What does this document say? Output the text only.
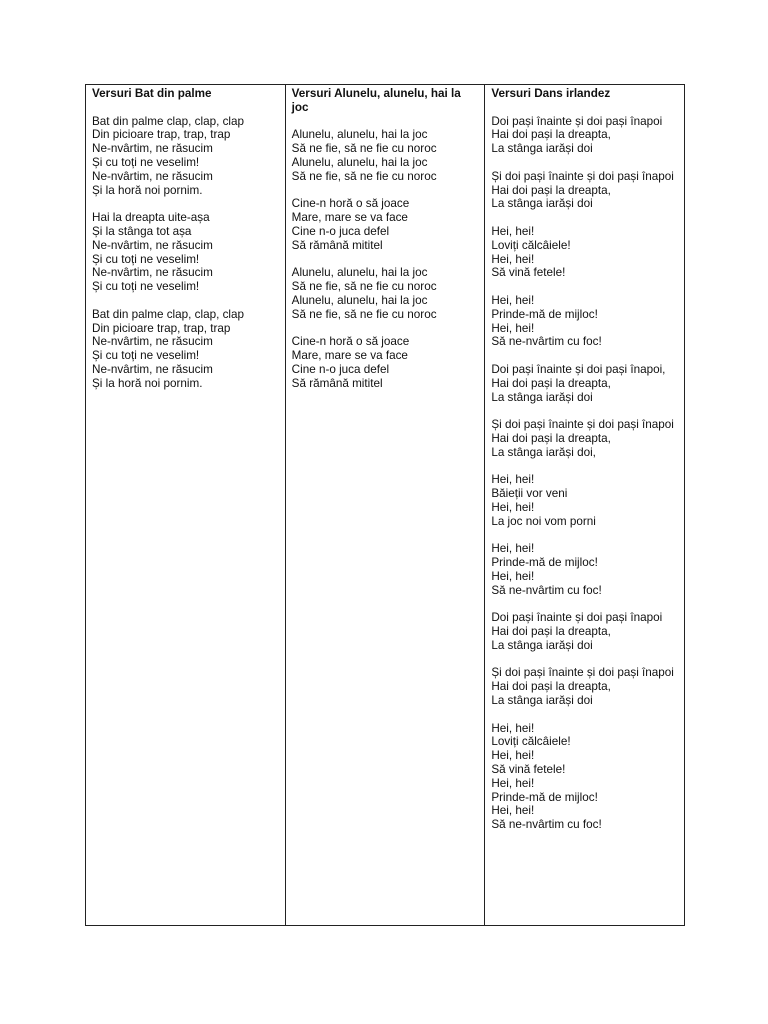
Versuri Bat din palme
Bat din palme clap, clap, clap
Din picioare trap, trap, trap
Ne-nvârtim, ne răsucim
Și cu toți ne veselim!
Ne-nvârtim, ne răsucim
Și la horă noi pornim.
Hai la dreapta uite-așa
Și la stânga tot așa
Ne-nvârtim, ne răsucim
Și cu toți ne veselim!
Ne-nvârtim, ne răsucim
Și cu toți ne veselim!
Bat din palme clap, clap, clap
Din picioare trap, trap, trap
Ne-nvârtim, ne răsucim
Și cu toți ne veselim!
Ne-nvârtim, ne răsucim
Și la horă noi pornim.

Versuri Alunelu, alunelu, hai la joc
Alunelu, alunelu, hai la joc
Să ne fie, să ne fie cu noroc
Alunelu, alunelu, hai la joc
Să ne fie, să ne fie cu noroc
Cine-n horă o să joace
Mare, mare se va face
Cine n-o juca defel
Să rămână mititel
Alunelu, alunelu, hai la joc
Să ne fie, să ne fie cu noroc
Alunelu, alunelu, hai la joc
Să ne fie, să ne fie cu noroc
Cine-n horă o să joace
Mare, mare se va face
Cine n-o juca defel
Să rămână mititel

Versuri Dans irlandez
Doi pași înainte și doi pași înapoi
Hai doi pași la dreapta,
La stânga iarăși doi
Și doi pași înainte și doi pași înapoi
Hai doi pași la dreapta,
La stânga iarăși doi
Hei, hei!
Loviți călcâiele!
Hei, hei!
Să vină fetele!
Hei, hei!
Prinde-mă de mijloc!
Hei, hei!
Să ne-nvârtim cu foc!
Doi pași înainte și doi pași înapoi,
Hai doi pași la dreapta,
La stânga iarăși doi
Și doi pași înainte și doi pași înapoi
Hai doi pași la dreapta,
La stânga iarăși doi,
Hei, hei!
Băieții vor veni
Hei, hei!
La joc noi vom porni
Hei, hei!
Prinde-mă de mijloc!
Hei, hei!
Să ne-nvârtim cu foc!
Doi pași înainte și doi pași înapoi
Hai doi pași la dreapta,
La stânga iarăși doi
Și doi pași înainte și doi pași înapoi
Hai doi pași la dreapta,
La stânga iarăși doi
Hei, hei!
Loviți călcâiele!
Hei, hei!
Să vină fetele!
Hei, hei!
Prinde-mă de mijloc!
Hei, hei!
Să ne-nvârtim cu foc!
